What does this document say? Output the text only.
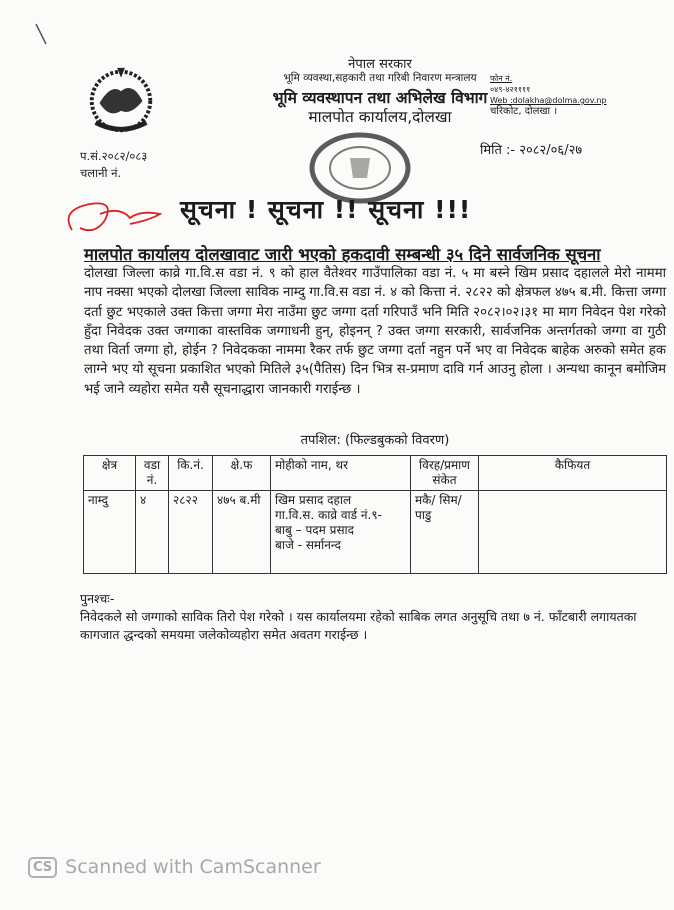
नेपाल सरकार
भूमि व्यवस्था,सहकारी तथा गरिबी निवारण मन्त्रालय
भूमि व्यवस्थापन तथा अभिलेख विभाग
मालपोत कार्यालय,दोलखा
फोन नं.
०४९-४२११११
Web :dolakha@dolma.gov.np
चरिकोट, दोलखा ।
प.सं.२०८२/०८३
चलानी नं.
मिति :- २०८२/०६/२७
सूचना ! सूचना !! सूचना !!!
मालपोत कार्यालय दोलखावाट जारी भएको हकदावी सम्बन्धी ३५ दिने सार्वजनिक सूचना
दोलखा जिल्ला काव्रे गा.वि.स वडा नं. ९ को हाल वैतेश्वर गाउँपालिका वडा नं. ५ मा बस्ने खिम प्रसाद दहालले मेरो नाममा नाप नक्सा भएको दोलखा जिल्ला साविक नाम्दु गा.वि.स वडा नं. ४ को कित्ता नं. २८२२ को क्षेत्रफल ४७५ ब.मी. कित्ता जग्गा दर्ता छुट भएकाले उक्त कित्ता जग्गा मेरा नाउँमा छुट जग्गा दर्ता गरिपाउँ भनि मिति २०८२।०२।३१ मा माग निवेदन पेश गरेको हुँदा निवेदक उक्त जग्गाका वास्तविक जग्गाधनी हुन्, होइनन् ? उक्त जग्गा सरकारी, सार्वजनिक अन्तर्गतको जग्गा वा गुठी तथा विर्ता जग्गा हो, होईन ? निवेदकका नाममा रैकर तर्फ छुट जग्गा दर्ता नहुन पर्ने भए वा निवेदक बाहेक अरुको समेत हक लाग्ने भए यो सूचना प्रकाशित भएको मितिले ३५(पैतिस) दिन भित्र स-प्रमाण दावि गर्न आउनु होला । अन्यथा कानून बमोजिम भई जाने व्यहोरा समेत यसै सूचनाद्धारा जानकारी गराईन्छ ।
तपशिल: (फिल्डबुकको विवरण)
क्षेत्र	वडा नं.	कि.नं.	क्षे.फ	मोहीको नाम, थर	विरह/प्रमाण संकेत	कैफियत
नाम्दु	४	२८२२	४७५ ब.मी	खिम प्रसाद दहाल
गा.वि.स. काव्रे वार्ड नं.९-
बाबु – पदम प्रसाद
बाजे - सर्मानन्द	मकै/ सिम/ पाडु	
पुनश्चः-
निवेदकले सो जग्गाको साविक तिरो पेश गरेको । यस कार्यालयमा रहेको साबिक लगत अनुसूचि तथा ७ नं. फाँटबारी लगायतका कागजात द्धन्दको समयमा जलेकोव्यहोरा समेत अवतग गराईन्छ ।
CS Scanned with CamScanner
